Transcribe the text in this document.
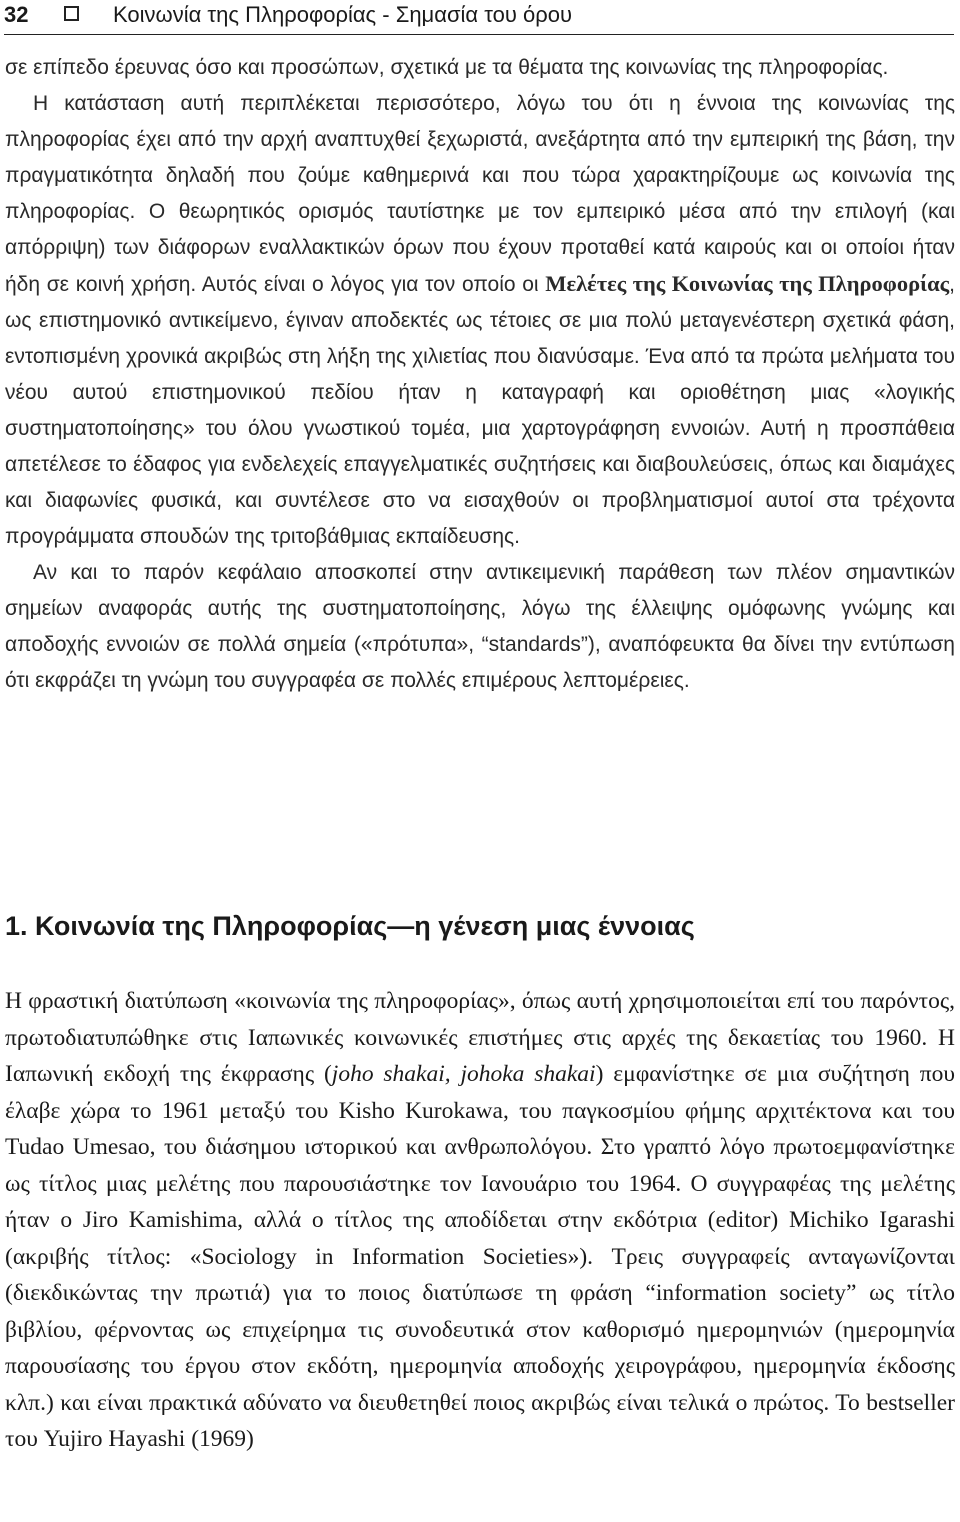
32	Κοινωνία της Πληροφορίας - Σημασία του όρου

σε επίπεδο έρευνας όσο και προσώπων, σχετικά με τα θέματα της κοινωνίας της πληροφορίας.

Η κατάσταση αυτή περιπλέκεται περισσότερο, λόγω του ότι η έννοια της κοινωνίας της πληροφορίας έχει από την αρχή αναπτυχθεί ξεχωριστά, ανεξάρτητα από την εμπειρική της βάση, την πραγματικότητα δηλαδή που ζούμε καθημερινά και που τώρα χαρακτηρίζουμε ως κοινωνία της πληροφορίας. Ο θεωρητικός ορισμός ταυτίστηκε με τον εμπειρικό μέσα από την επιλογή (και απόρριψη) των διάφορων εναλλακτικών όρων που έχουν προταθεί κατά καιρούς και οι οποίοι ήταν ήδη σε κοινή χρήση. Αυτός είναι ο λόγος για τον οποίο οι Μελέτες της Κοινωνίας της Πληροφορίας, ως επιστημονικό αντικείμενο, έγιναν αποδεκτές ως τέτοιες σε μια πολύ μεταγενέστερη σχετικά φάση, εντοπισμένη χρονικά ακριβώς στη λήξη της χιλιετίας που διανύσαμε. Ένα από τα πρώτα μελήματα του νέου αυτού επιστημονικού πεδίου ήταν η καταγραφή και οριοθέτηση μιας «λογικής συστηματοποίησης» του όλου γνωστικού τομέα, μια χαρτογράφηση εννοιών. Αυτή η προσπάθεια απετέλεσε το έδαφος για ενδελεχείς επαγγελματικές συζητήσεις και διαβουλεύσεις, όπως και διαμάχες και διαφωνίες φυσικά, και συντέλεσε στο να εισαχθούν οι προβληματισμοί αυτοί στα τρέχοντα προγράμματα σπουδών της τριτοβάθμιας εκπαίδευσης.

Αν και το παρόν κεφάλαιο αποσκοπεί στην αντικειμενική παράθεση των πλέον σημαντικών σημείων αναφοράς αυτής της συστηματοποίησης, λόγω της έλλειψης ομόφωνης γνώμης και αποδοχής εννοιών σε πολλά σημεία («πρότυπα», “standards”), αναπόφευκτα θα δίνει την εντύπωση ότι εκφράζει τη γνώμη του συγγραφέα σε πολλές επιμέρους λεπτομέρειες.

1. Κοινωνία της Πληροφορίας—η γένεση μιας έννοιας

Η φραστική διατύπωση «κοινωνία της πληροφορίας», όπως αυτή χρησιμοποιείται επί του παρόντος, πρωτοδιατυπώθηκε στις Ιαπωνικές κοινωνικές επιστήμες στις αρχές της δεκαετίας του 1960. Η Ιαπωνική εκδοχή της έκφρασης (joho shakai, johoka shakai) εμφανίστηκε σε μια συζήτηση που έλαβε χώρα το 1961 μεταξύ του Kisho Kurokawa, του παγκοσμίου φήμης αρχιτέκτονα και του Tudao Umesao, του διάσημου ιστορικού και ανθρωπολόγου. Στο γραπτό λόγο πρωτοεμφανίστηκε ως τίτλος μιας μελέτης που παρουσιάστηκε τον Ιανουάριο του 1964. Ο συγγραφέας της μελέτης ήταν ο Jiro Kamishima, αλλά ο τίτλος της αποδίδεται στην εκδότρια (editor) Michiko Igarashi (ακριβής τίτλος: «Sociology in Information Societies»). Τρεις συγγραφείς ανταγωνίζονται (διεκδικώντας την πρωτιά) για το ποιος διατύπωσε τη φράση “information society” ως τίτλο βιβλίου, φέρνοντας ως επιχείρημα τις συνοδευτικά στον καθορισμό ημερομηνιών (ημερομηνία παρουσίασης του έργου στον εκδότη, ημερομηνία αποδοχής χειρογράφου, ημερομηνία έκδοσης κλπ.) και είναι πρακτικά αδύνατο να διευθετηθεί ποιος ακριβώς είναι τελικά ο πρώτος. Το bestseller του Yujiro Hayashi (1969)
